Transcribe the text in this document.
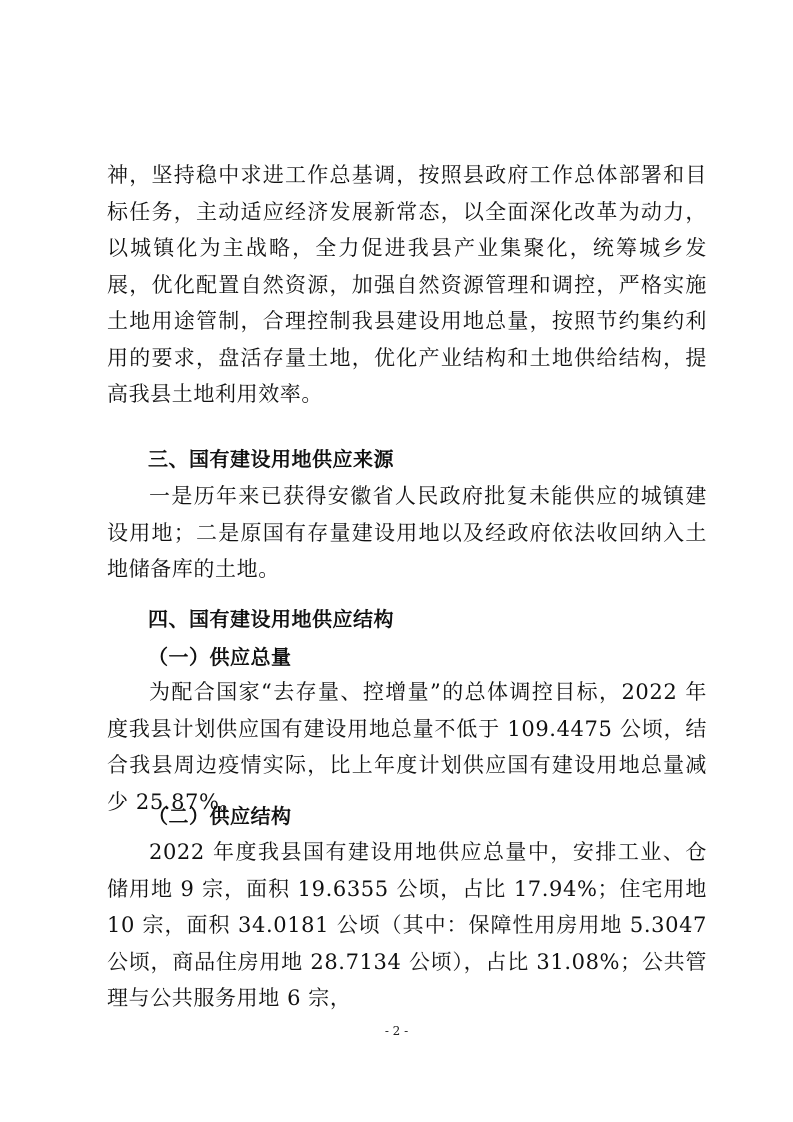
神，坚持稳中求进工作总基调，按照县政府工作总体部署和目标任务，主动适应经济发展新常态，以全面深化改革为动力，以城镇化为主战略，全力促进我县产业集聚化，统筹城乡发展，优化配置自然资源，加强自然资源管理和调控，严格实施土地用途管制，合理控制我县建设用地总量，按照节约集约利用的要求，盘活存量土地，优化产业结构和土地供给结构，提高我县土地利用效率。
三、国有建设用地供应来源
一是历年来已获得安徽省人民政府批复未能供应的城镇建设用地；二是原国有存量建设用地以及经政府依法收回纳入土地储备库的土地。
四、国有建设用地供应结构
（一）供应总量
为配合国家“去存量、控增量”的总体调控目标，2022 年度我县计划供应国有建设用地总量不低于 109.4475 公顷，结合我县周边疫情实际，比上年度计划供应国有建设用地总量减少 25.87%。
（二）供应结构
2022 年度我县国有建设用地供应总量中，安排工业、仓储用地 9 宗，面积 19.6355 公顷，占比 17.94%；住宅用地 10 宗，面积 34.0181 公顷（其中：保障性用房用地 5.3047 公顷，商品住房用地 28.7134 公顷），占比 31.08%；公共管理与公共服务用地 6 宗，
- 2 -
